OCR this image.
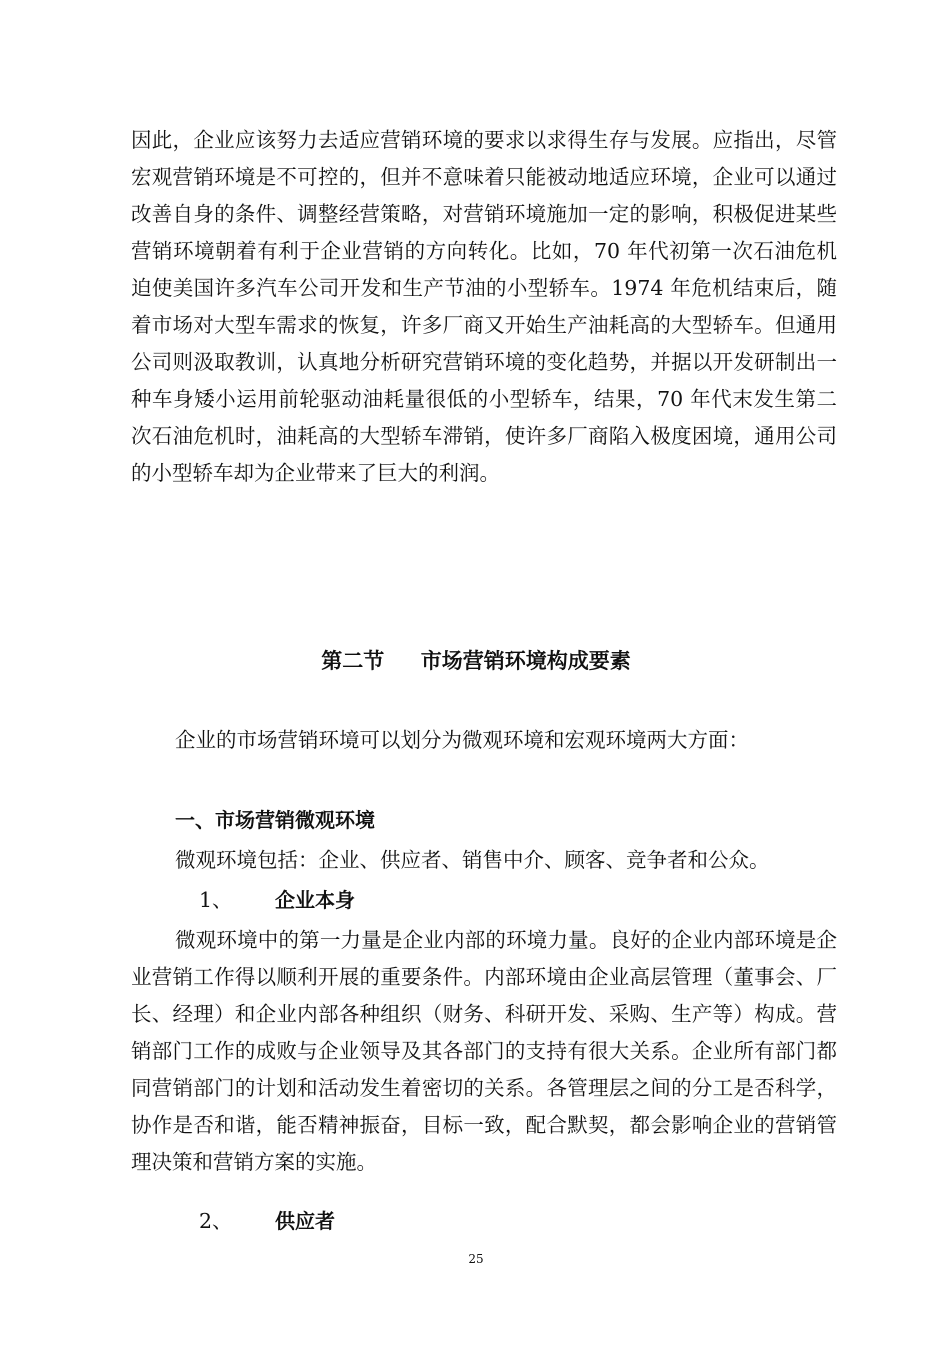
因此，企业应该努力去适应营销环境的要求以求得生存与发展。应指出，尽管宏观营销环境是不可控的，但并不意味着只能被动地适应环境，企业可以通过改善自身的条件、调整经营策略，对营销环境施加一定的影响，积极促进某些营销环境朝着有利于企业营销的方向转化。比如，70 年代初第一次石油危机迫使美国许多汽车公司开发和生产节油的小型轿车。1974 年危机结束后，随着市场对大型车需求的恢复，许多厂商又开始生产油耗高的大型轿车。但通用公司则汲取教训，认真地分析研究营销环境的变化趋势，并据以开发研制出一种车身矮小运用前轮驱动油耗量很低的小型轿车，结果，70 年代末发生第二次石油危机时，油耗高的大型轿车滞销，使许多厂商陷入极度困境，通用公司的小型轿车却为企业带来了巨大的利润。

第二节 市场营销环境构成要素

企业的市场营销环境可以划分为微观环境和宏观环境两大方面：

一、市场营销微观环境

微观环境包括：企业、供应者、销售中介、顾客、竞争者和公众。

1、 企业本身

微观环境中的第一力量是企业内部的环境力量。良好的企业内部环境是企业营销工作得以顺利开展的重要条件。内部环境由企业高层管理（董事会、厂长、经理）和企业内部各种组织（财务、科研开发、采购、生产等）构成。营销部门工作的成败与企业领导及其各部门的支持有很大关系。企业所有部门都同营销部门的计划和活动发生着密切的关系。各管理层之间的分工是否科学，协作是否和谐，能否精神振奋，目标一致，配合默契，都会影响企业的营销管理决策和营销方案的实施。

2、 供应者

25
